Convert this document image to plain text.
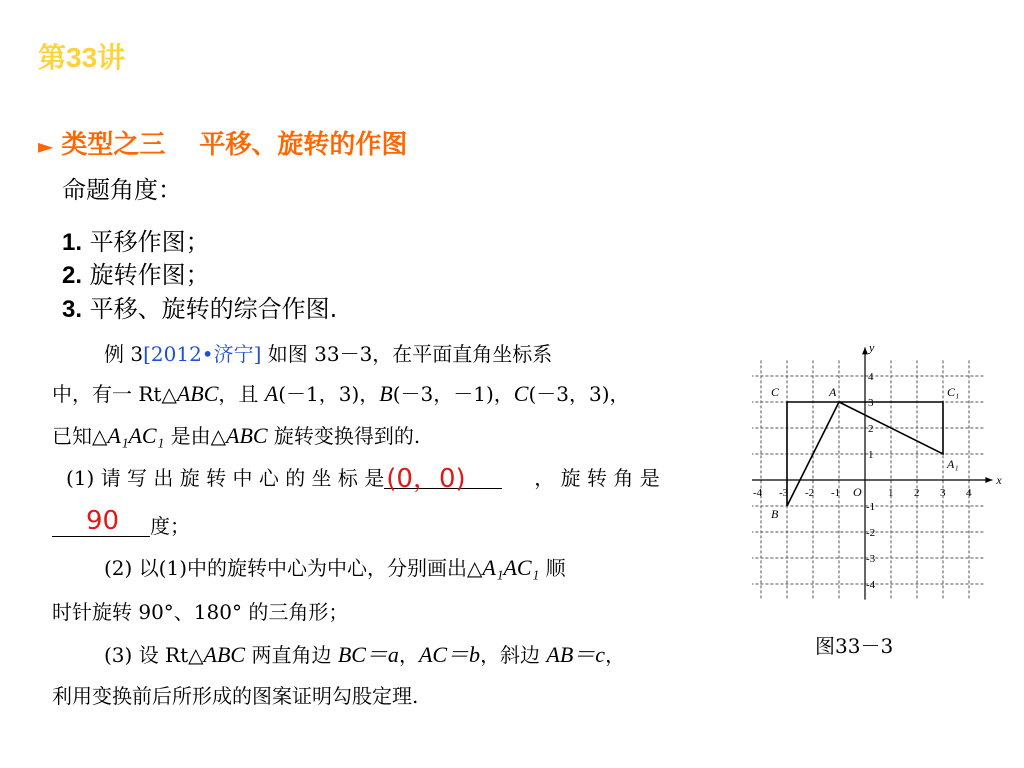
第33讲
► 类型之三 平移、旋转的作图
命题角度：
1. 平移作图；
2. 旋转作图；
3. 平移、旋转的综合作图.
例 3[2012•济宁] 如图 33－3，在平面直角坐标系
中，有一 Rt△ABC，且 A(－1，3)，B(－3，－1)，C(－3，3)，
已知△A₁AC₁ 是由△ABC 旋转变换得到的.
(1) 请 写 出 旋 转 中 心 的 坐 标 是 (0，0)	， 旋 转 角 是
90 度；
(2) 以(1)中的旋转中心为中心，分别画出△A₁AC₁ 顺
时针旋转 90°、180° 的三角形；
(3) 设 Rt△ABC 两直角边 BC＝a，AC＝b，斜边 AB＝c，
利用变换前后所形成的图案证明勾股定理.
x
y
O
-4 -3 -2 -1	1 2 3 4
4
3
2
1
-1
-2
-3
-4
A
B
C	C₁
A₁
图33－3
